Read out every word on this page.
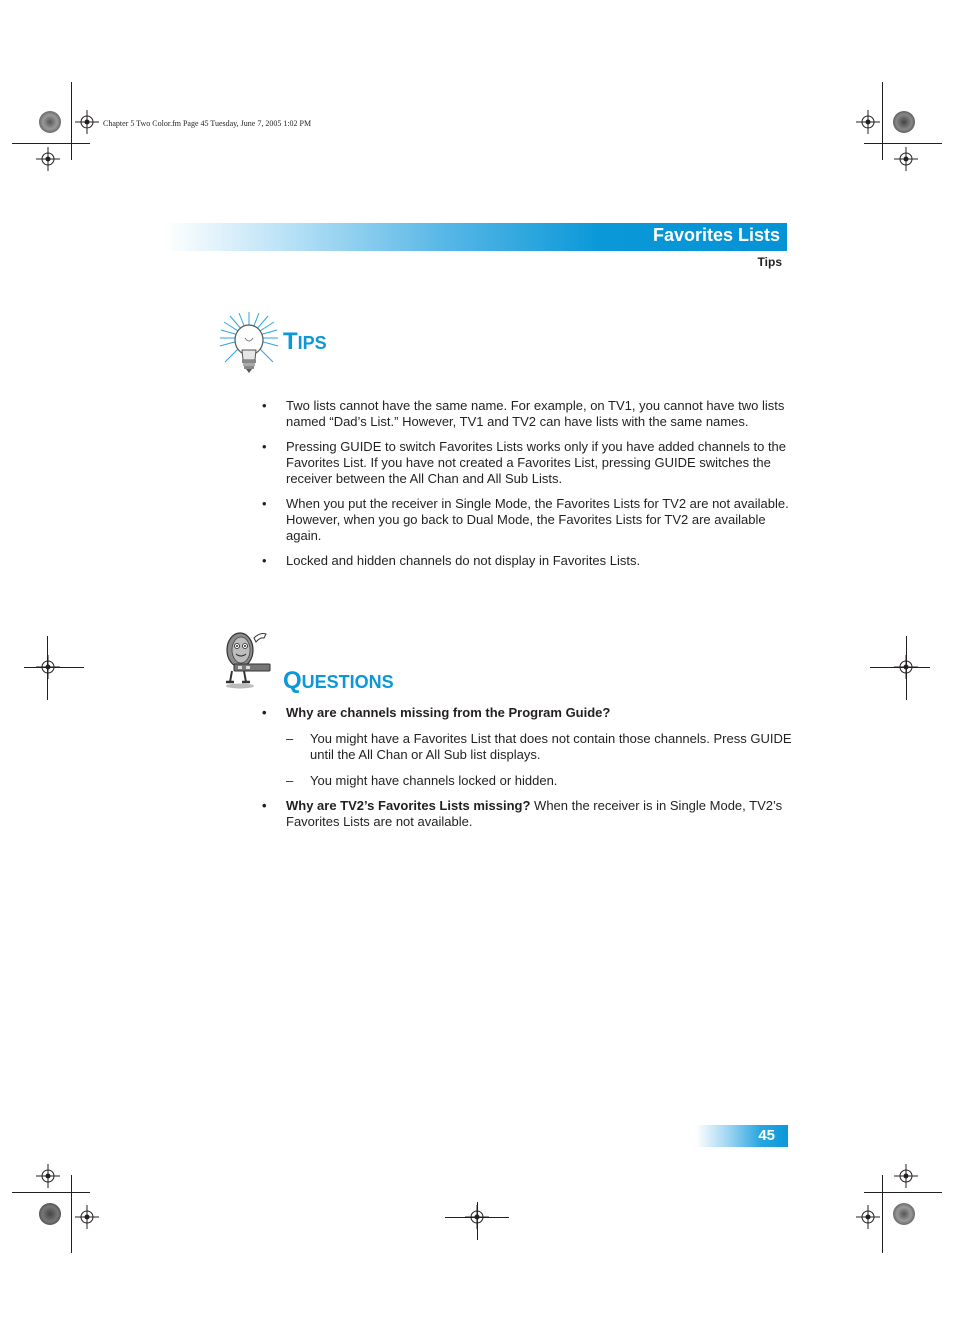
Chapter 5 Two Color.fm Page 45 Tuesday, June 7, 2005 1:02 PM
Favorites Lists
Tips
TIPS
• Two lists cannot have the same name. For example, on TV1, you cannot have two lists named “Dad’s List.” However, TV1 and TV2 can have lists with the same names.
• Pressing GUIDE to switch Favorites Lists works only if you have added channels to the Favorites List. If you have not created a Favorites List, pressing GUIDE switches the receiver between the All Chan and All Sub Lists.
• When you put the receiver in Single Mode, the Favorites Lists for TV2 are not available. However, when you go back to Dual Mode, the Favorites Lists for TV2 are available again.
• Locked and hidden channels do not display in Favorites Lists.
QUESTIONS
• Why are channels missing from the Program Guide?
– You might have a Favorites List that does not contain those channels. Press GUIDE until the All Chan or All Sub list displays.
– You might have channels locked or hidden.
• Why are TV2’s Favorites Lists missing? When the receiver is in Single Mode, TV2’s Favorites Lists are not available.
45
